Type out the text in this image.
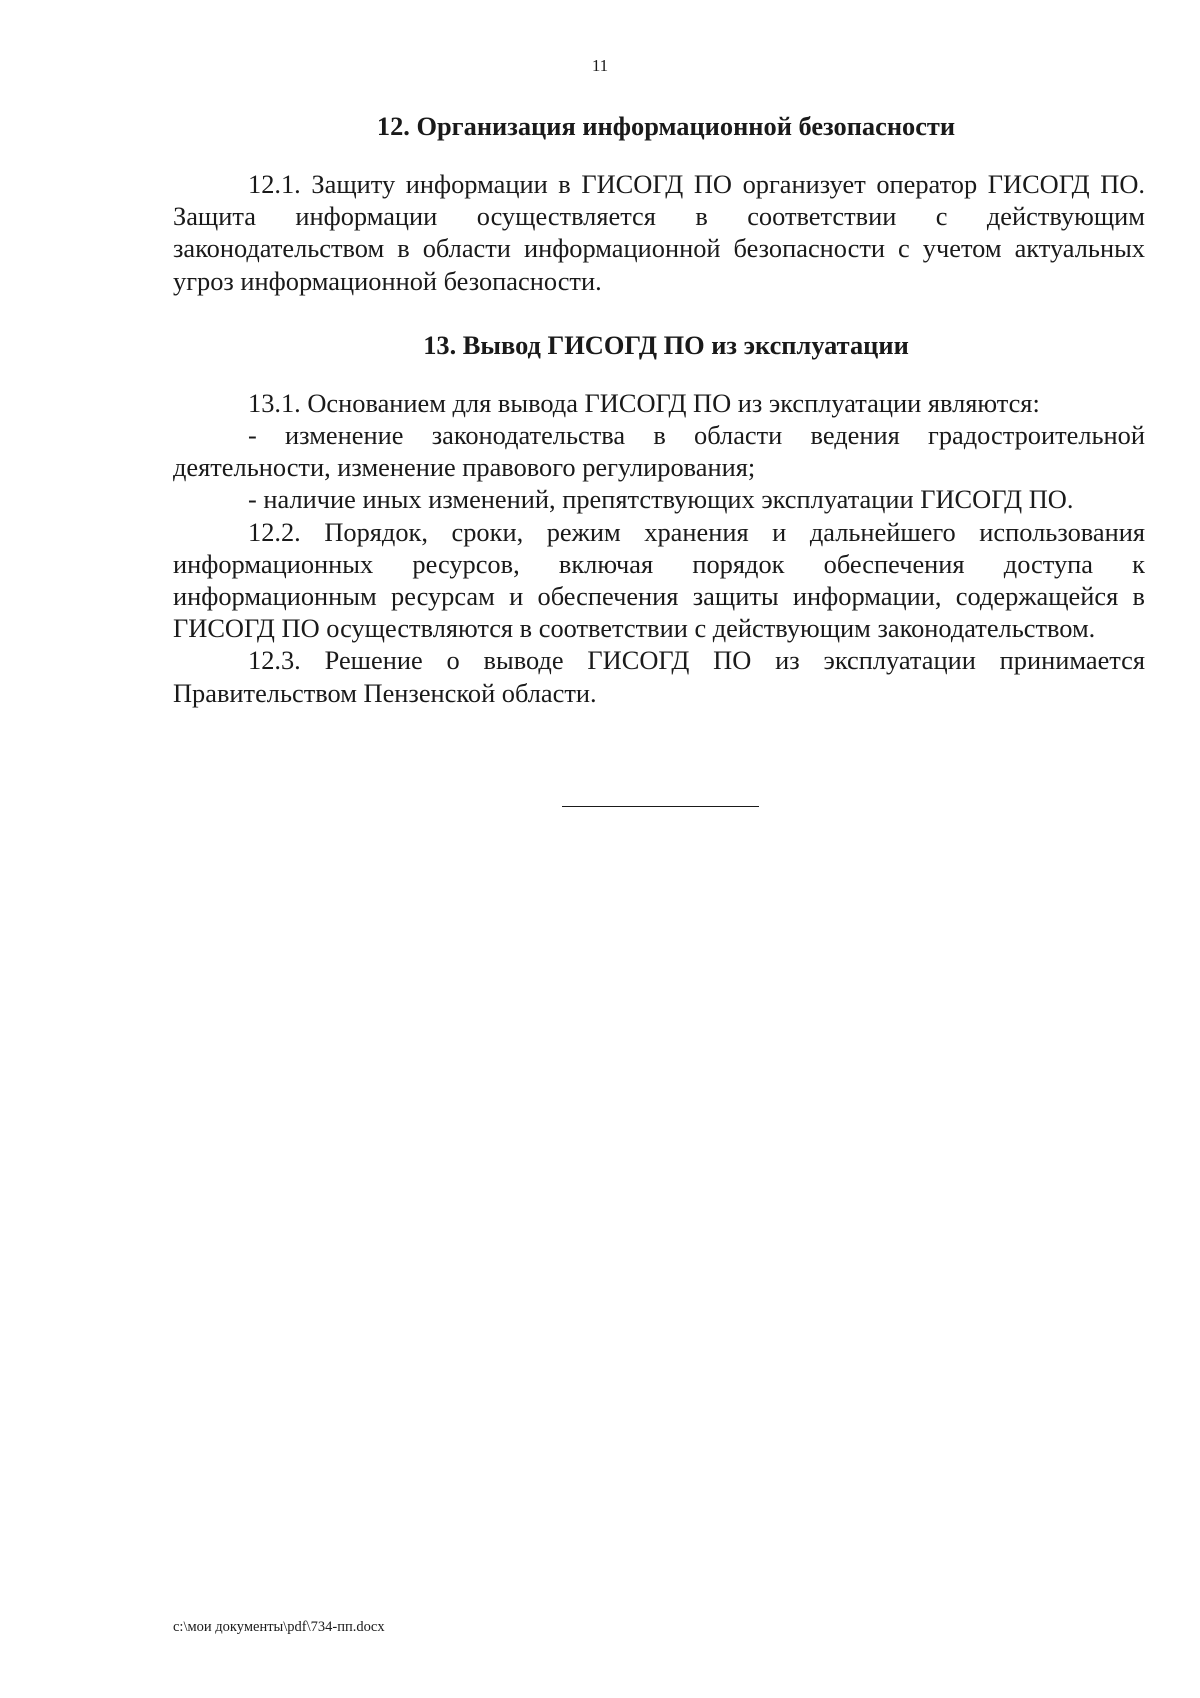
11
12. Организация информационной безопасности

12.1. Защиту информации в ГИСОГД ПО организует оператор ГИСОГД ПО. Защита информации осуществляется в соответствии с действующим законодательством в области информационной безопасности с учетом актуальных угроз информационной безопасности.

13. Вывод ГИСОГД ПО из эксплуатации

13.1. Основанием для вывода ГИСОГД ПО из эксплуатации являются:

- изменение законодательства в области ведения градостроительной деятельности, изменение правового регулирования;

- наличие иных изменений, препятствующих эксплуатации ГИСОГД ПО.

12.2. Порядок, сроки, режим хранения и дальнейшего использования информационных ресурсов, включая порядок обеспечения доступа к информационным ресурсам и обеспечения защиты информации, содержащейся в ГИСОГД ПО осуществляются в соответствии с действующим законодательством.

12.3. Решение о выводе ГИСОГД ПО из эксплуатации принимается Правительством Пензенской области.

c:\мои документы\pdf\734-пп.docx
